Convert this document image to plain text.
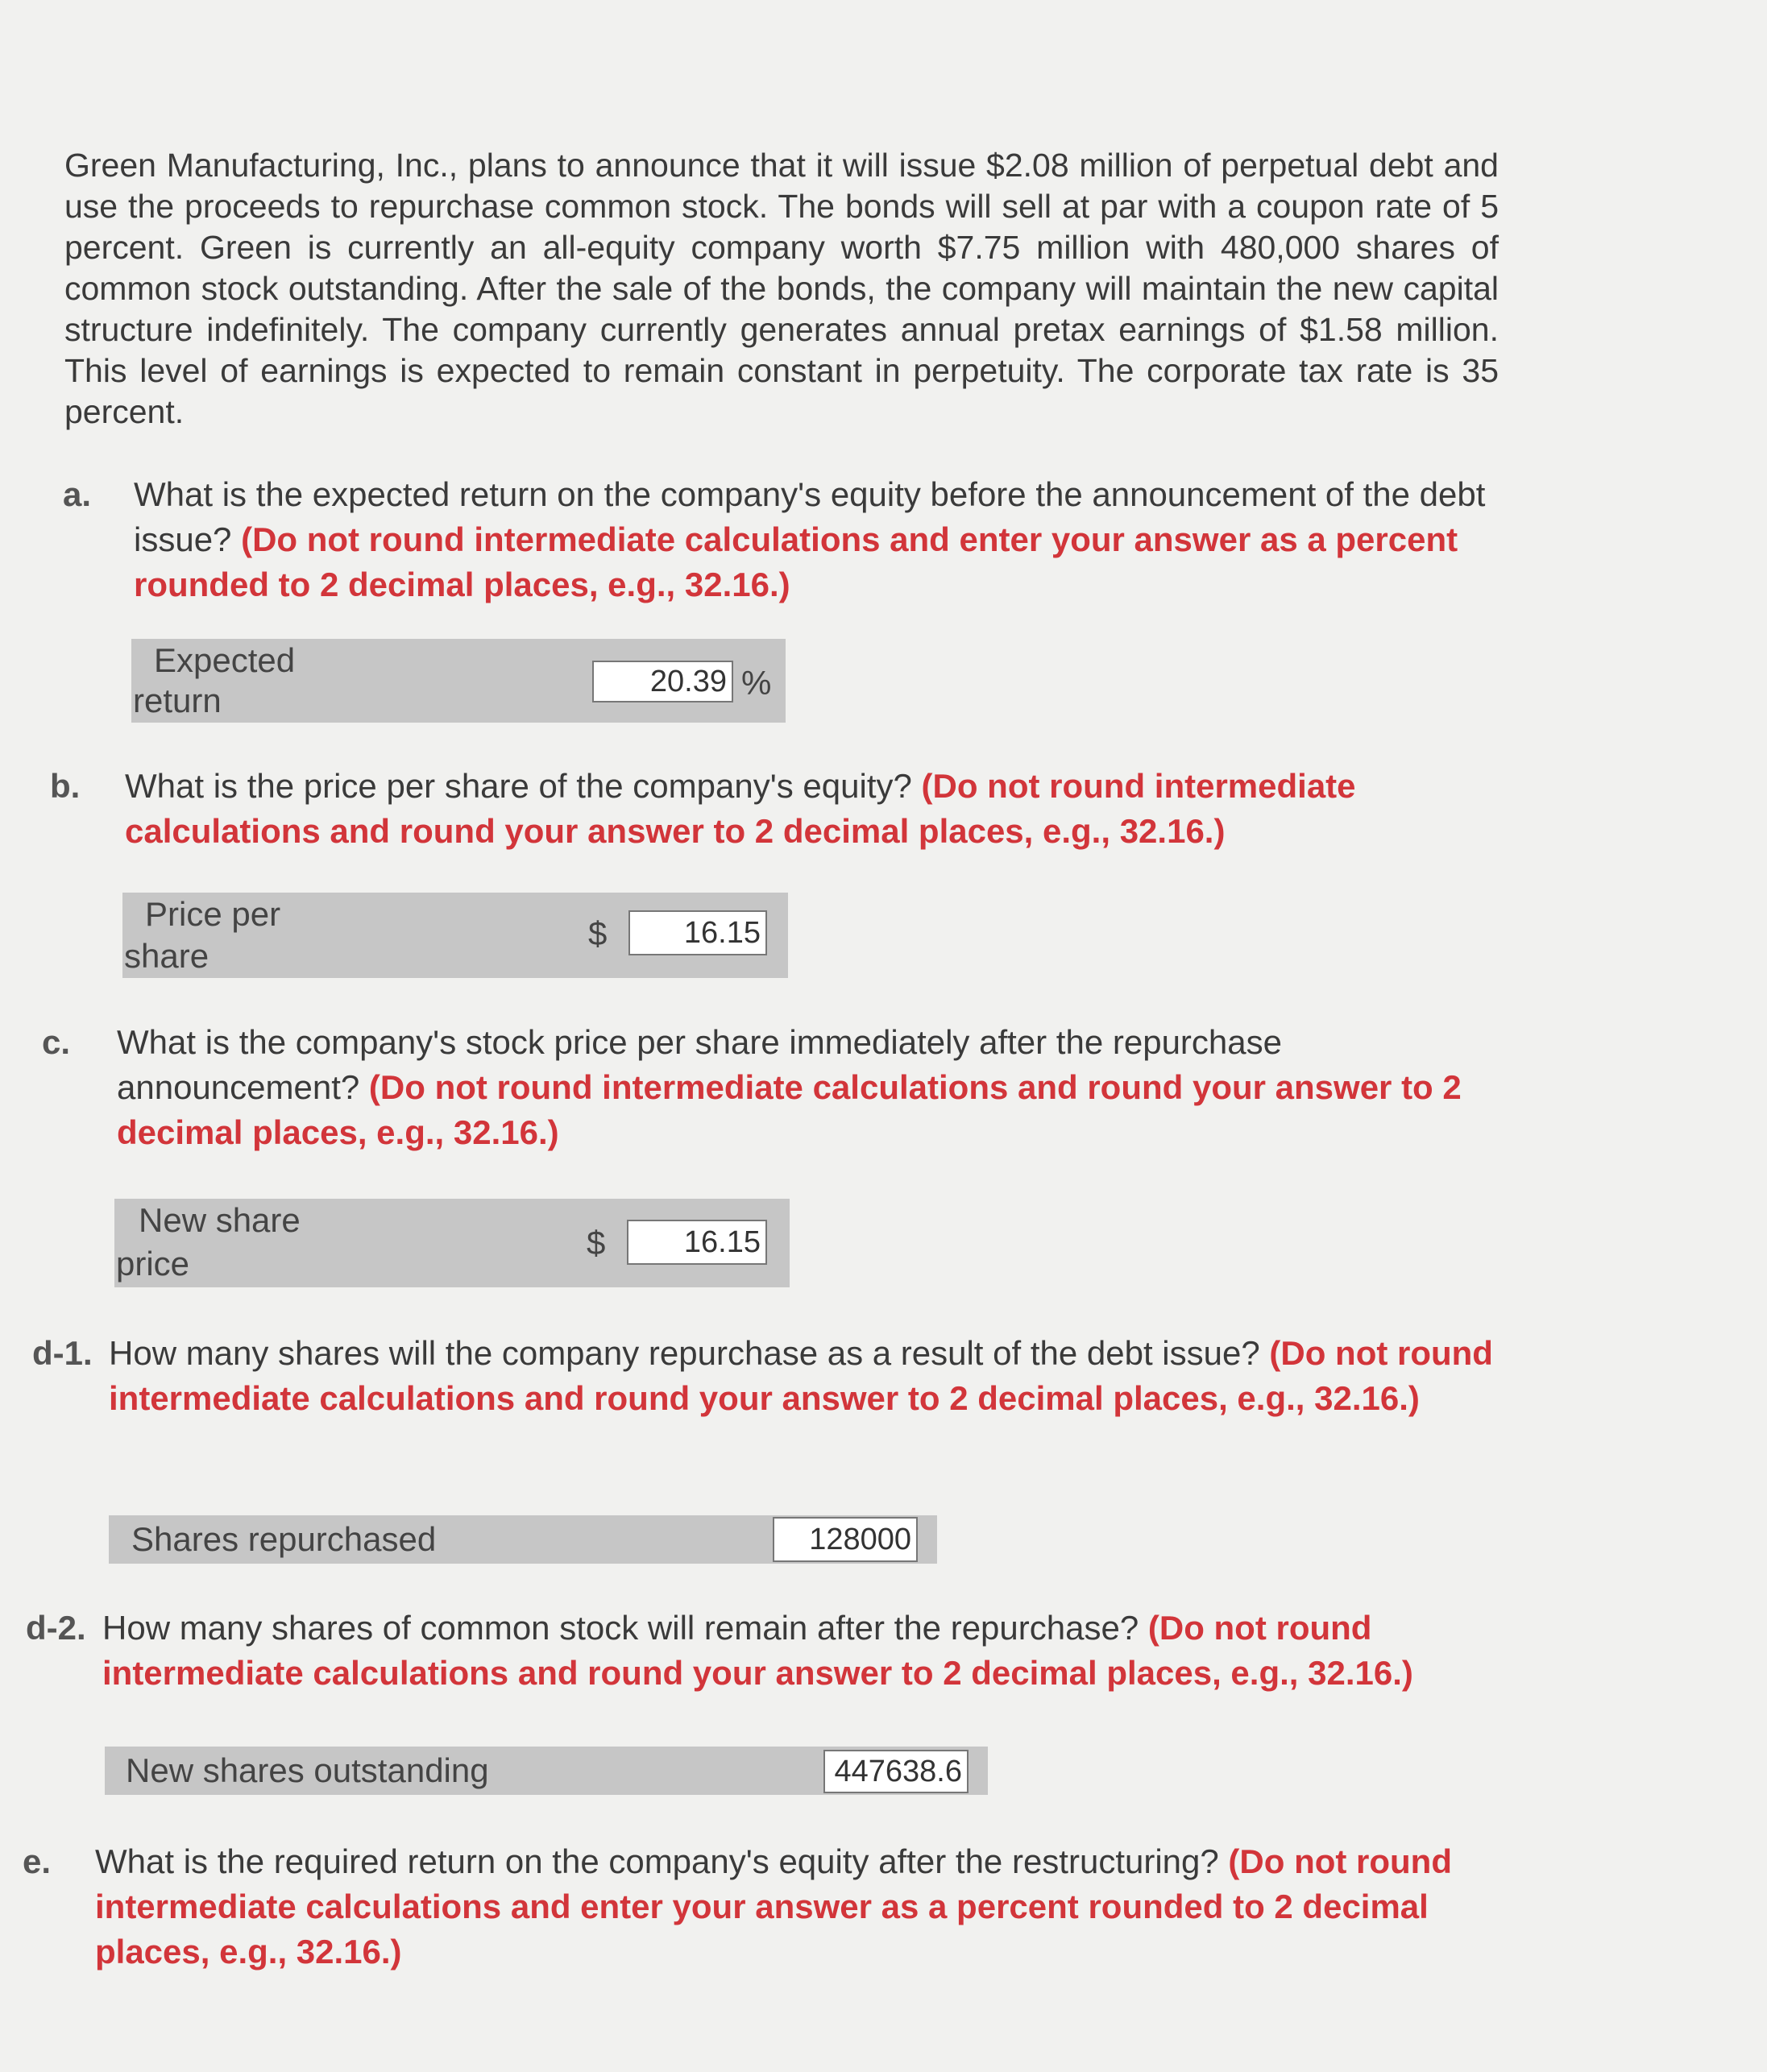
Green Manufacturing, Inc., plans to announce that it will issue $2.08 million of perpetual debt and use the proceeds to repurchase common stock. The bonds will sell at par with a coupon rate of 5 percent. Green is currently an all-equity company worth $7.75 million with 480,000 shares of common stock outstanding. After the sale of the bonds, the company will maintain the new capital structure indefinitely. The company currently generates annual pretax earnings of $1.58 million. This level of earnings is expected to remain constant in perpetuity. The corporate tax rate is 35 percent.

a. What is the expected return on the company's equity before the announcement of the debt issue? (Do not round intermediate calculations and enter your answer as a percent rounded to 2 decimal places, e.g., 32.16.)
Expected
return	20.39 %
b. What is the price per share of the company's equity? (Do not round intermediate calculations and round your answer to 2 decimal places, e.g., 32.16.)
Price per
share
$	16.15
c. What is the company's stock price per share immediately after the repurchase announcement? (Do not round intermediate calculations and round your answer to 2 decimal places, e.g., 32.16.)
New share
price
$	16.15
d-1. How many shares will the company repurchase as a result of the debt issue? (Do not round intermediate calculations and round your answer to 2 decimal places, e.g., 32.16.)
Shares repurchased	128000
d-2. How many shares of common stock will remain after the repurchase? (Do not round intermediate calculations and round your answer to 2 decimal places, e.g., 32.16.)
New shares outstanding	447638.6
e. What is the required return on the company's equity after the restructuring? (Do not round intermediate calculations and enter your answer as a percent rounded to 2 decimal places, e.g., 32.16.)
